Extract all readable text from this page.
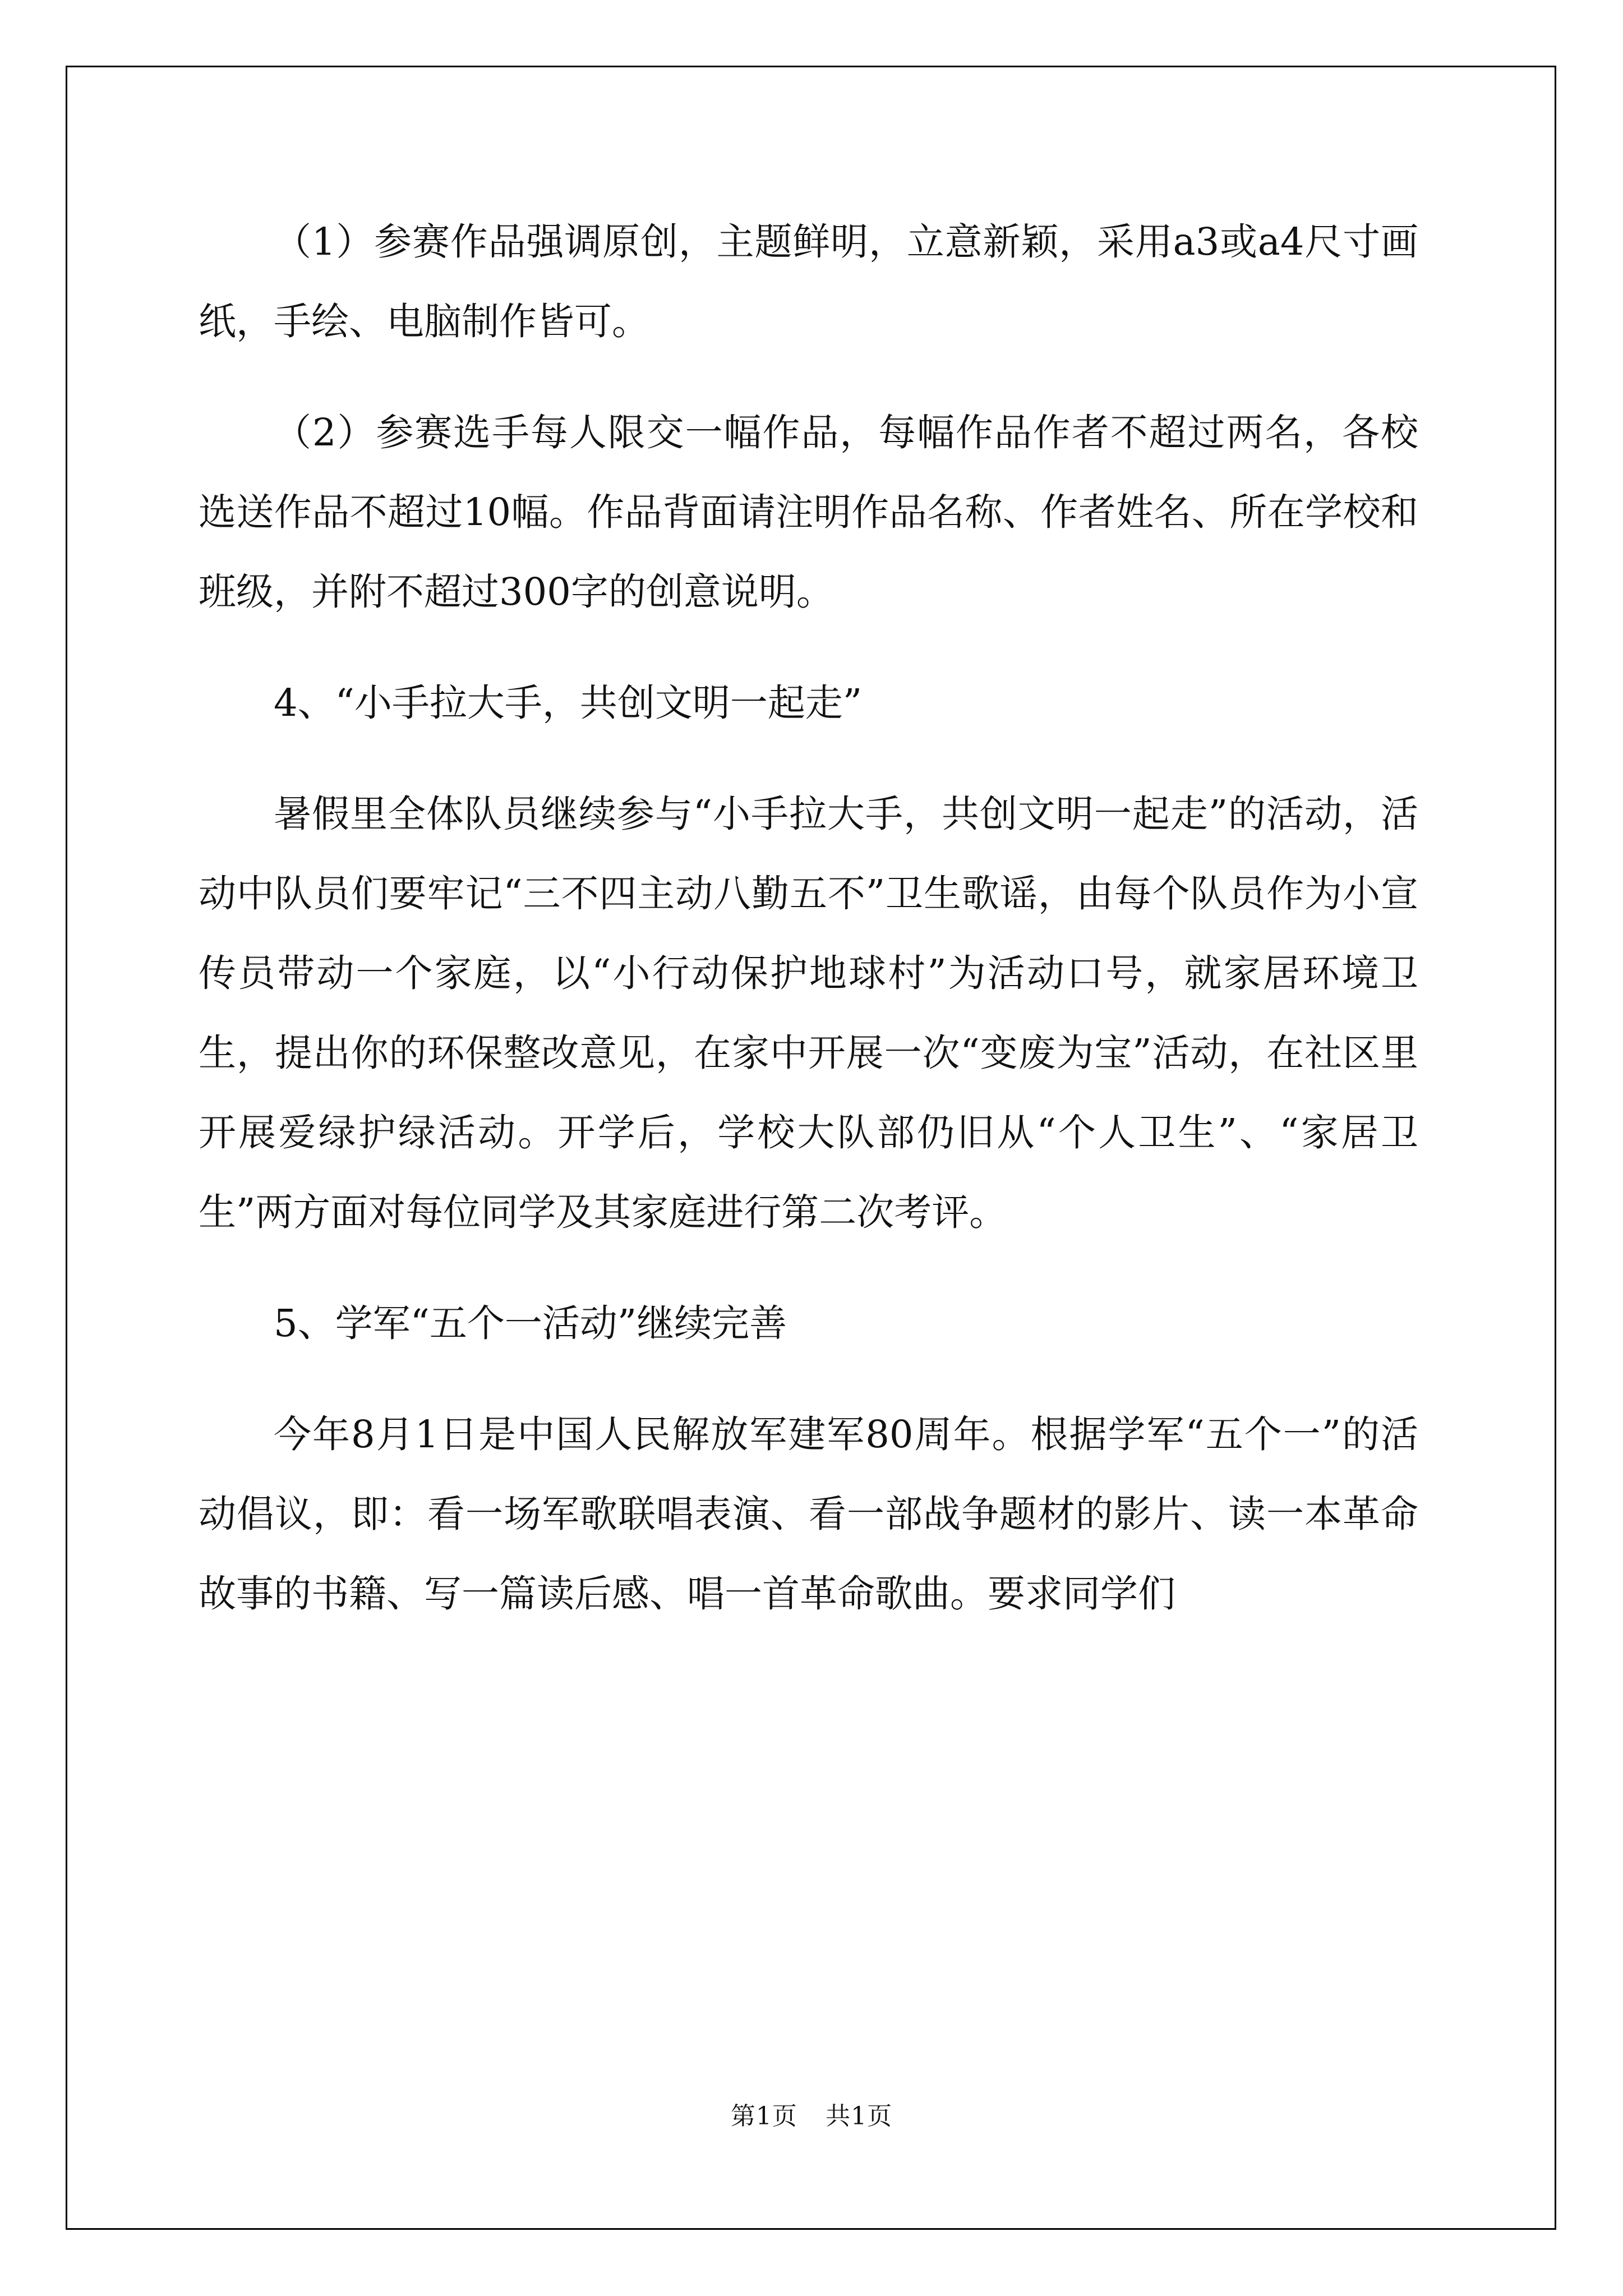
（1）参赛作品强调原创，主题鲜明，立意新颖，采用a3或a4尺寸画纸，手绘、电脑制作皆可。

（2）参赛选手每人限交一幅作品，每幅作品作者不超过两名，各校选送作品不超过10幅。作品背面请注明作品名称、作者姓名、所在学校和班级，并附不超过300字的创意说明。

4、“小手拉大手，共创文明一起走”

暑假里全体队员继续参与“小手拉大手，共创文明一起走”的活动，活动中队员们要牢记“三不四主动八勤五不”卫生歌谣，由每个队员作为小宣传员带动一个家庭，以“小行动保护地球村”为活动口号，就家居环境卫生，提出你的环保整改意见，在家中开展一次“变废为宝”活动，在社区里开展爱绿护绿活动。开学后，学校大队部仍旧从“个人卫生”、“家居卫生”两方面对每位同学及其家庭进行第二次考评。

5、学军“五个一活动”继续完善

今年8月1日是中国人民解放军建军80周年。根据学军“五个一”的活动倡议，即：看一场军歌联唱表演、看一部战争题材的影片、读一本革命故事的书籍、写一篇读后感、唱一首革命歌曲。要求同学们

第1页 共1页
